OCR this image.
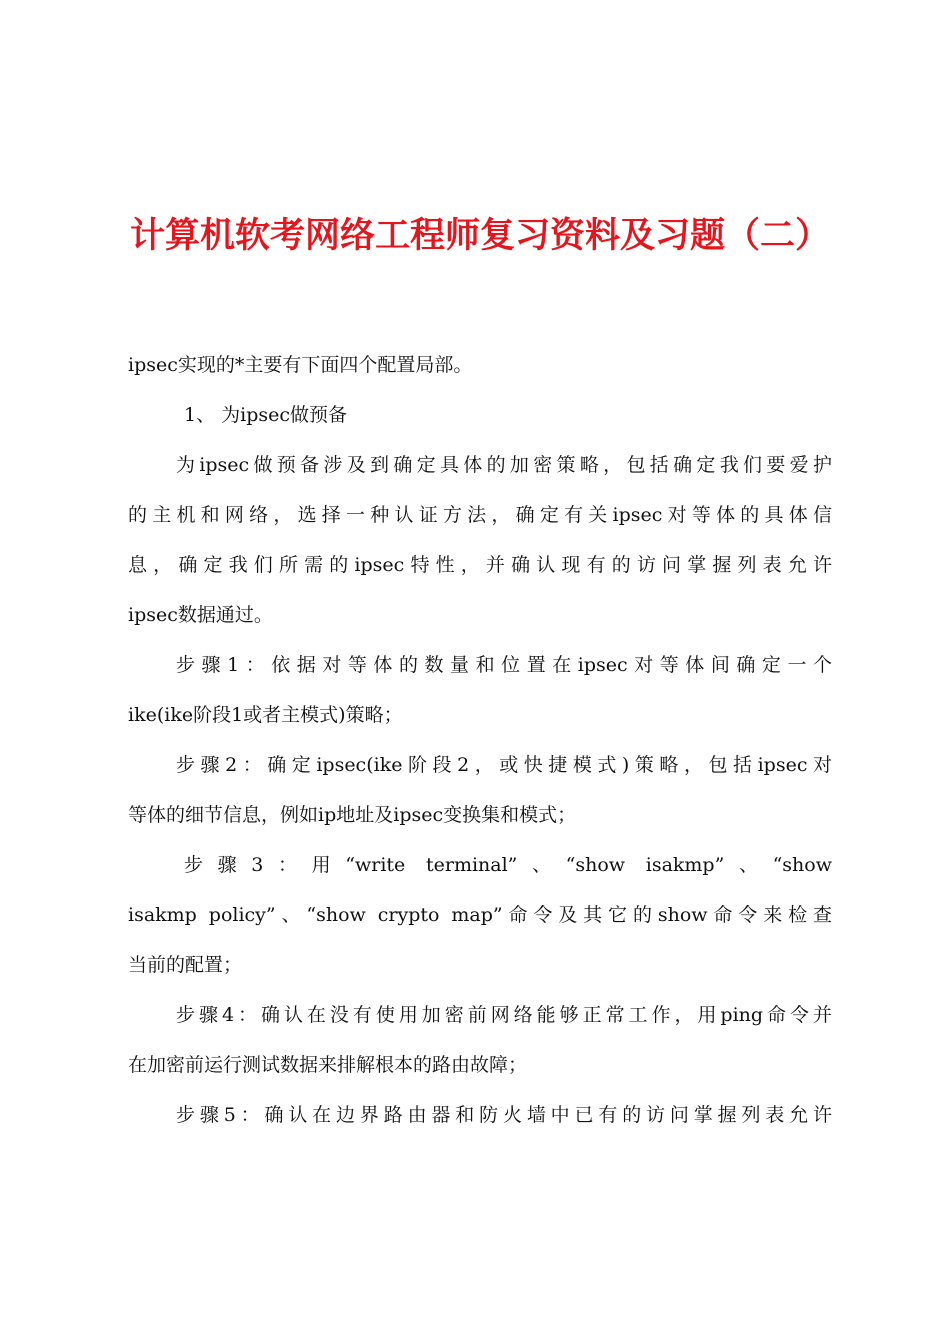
计算机软考网络工程师复习资料及习题（二）

ipsec实现的*主要有下面四个配置局部。

1、 为ipsec做预备

为ipsec做预备涉及到确定具体的加密策略，包括确定我们要爱护

的主机和网络，选择一种认证方法，确定有关ipsec对等体的具体信

息，确定我们所需的ipsec特性，并确认现有的访问掌握列表允许

ipsec数据通过。

步骤1：依据对等体的数量和位置在ipsec对等体间确定一个

ike(ike阶段1或者主模式)策略；

步骤2：确定ipsec(ike阶段2，或快捷模式)策略，包括ipsec对

等体的细节信息，例如ip地址及ipsec变换集和模式；

步骤3：用“write terminal”、“show isakmp”、“show

isakmp policy”、“show crypto map”命令及其它的show命令来检查

当前的配置；

步骤4：确认在没有使用加密前网络能够正常工作，用ping命令并

在加密前运行测试数据来排解根本的路由故障；

步骤5：确认在边界路由器和防火墙中已有的访问掌握列表允许
